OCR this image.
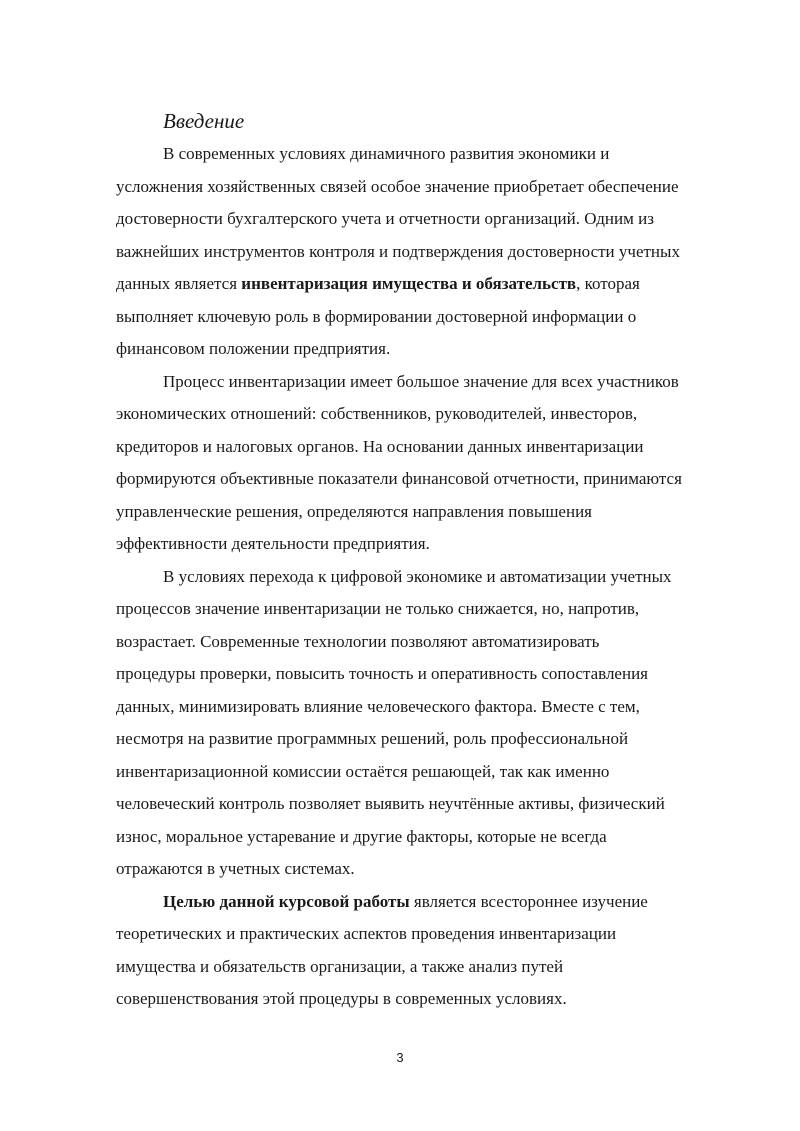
Введение

В современных условиях динамичного развития экономики и
усложнения хозяйственных связей особое значение приобретает обеспечение
достоверности бухгалтерского учета и отчетности организаций. Одним из
важнейших инструментов контроля и подтверждения достоверности учетных
данных является инвентаризация имущества и обязательств, которая
выполняет ключевую роль в формировании достоверной информации о
финансовом положении предприятия.

Процесс инвентаризации имеет большое значение для всех участников
экономических отношений: собственников, руководителей, инвесторов,
кредиторов и налоговых органов. На основании данных инвентаризации
формируются объективные показатели финансовой отчетности, принимаются
управленческие решения, определяются направления повышения
эффективности деятельности предприятия.

В условиях перехода к цифровой экономике и автоматизации учетных
процессов значение инвентаризации не только снижается, но, напротив,
возрастает. Современные технологии позволяют автоматизировать
процедуры проверки, повысить точность и оперативность сопоставления
данных, минимизировать влияние человеческого фактора. Вместе с тем,
несмотря на развитие программных решений, роль профессиональной
инвентаризационной комиссии остаётся решающей, так как именно
человеческий контроль позволяет выявить неучтённые активы, физический
износ, моральное устаревание и другие факторы, которые не всегда
отражаются в учетных системах.

Целью данной курсовой работы является всестороннее изучение
теоретических и практических аспектов проведения инвентаризации
имущества и обязательств организации, а также анализ путей
совершенствования этой процедуры в современных условиях.

3
